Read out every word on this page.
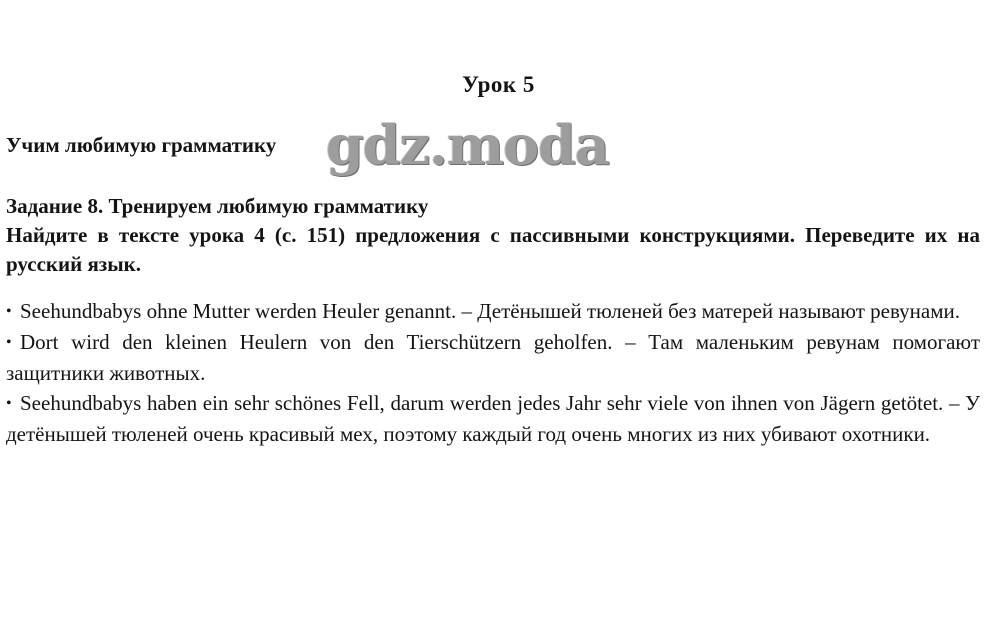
Урок 5
Учим любимую грамматику gdz.moda
Задание 8. Тренируем любимую грамматику
Найдите в тексте урока 4 (с. 151) предложения с пассивными конструкциями. Переведите их на русский язык.
• Seehundbabys ohne Mutter werden Heuler genannt. – Детёнышей тюленей без матерей называют ревунами.
• Dort wird den kleinen Heulern von den Tierschützern geholfen. – Там маленьким ревунам помогают защитники животных.
• Seehundbabys haben ein sehr schönes Fell, darum werden jedes Jahr sehr viele von ihnen von Jägern getötet. – У детёнышей тюленей очень красивый мех, поэтому каждый год очень многих из них убивают охотники.
